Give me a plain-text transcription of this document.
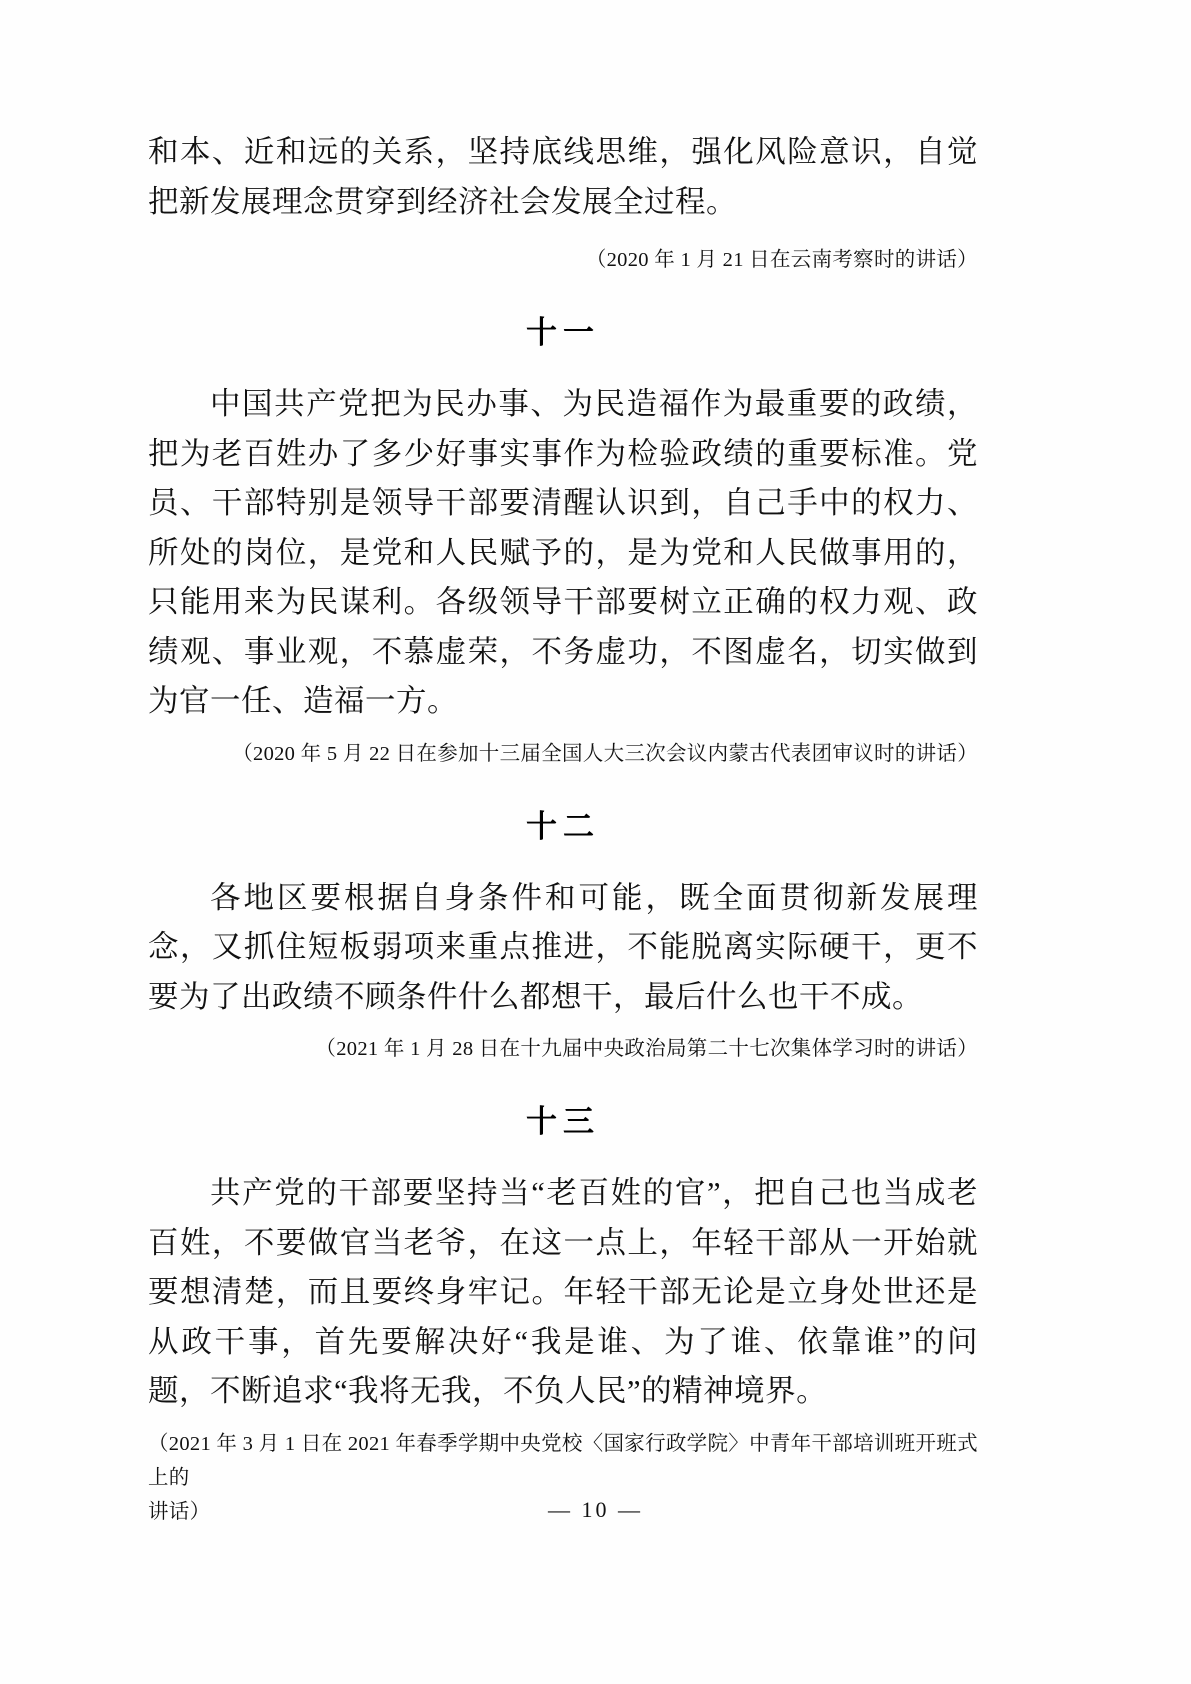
和本、近和远的关系，坚持底线思维，强化风险意识，自觉把新发展理念贯穿到经济社会发展全过程。

（2020 年 1 月 21 日在云南考察时的讲话）

十一

中国共产党把为民办事、为民造福作为最重要的政绩，把为老百姓办了多少好事实事作为检验政绩的重要标准。党员、干部特别是领导干部要清醒认识到，自己手中的权力、所处的岗位，是党和人民赋予的，是为党和人民做事用的，只能用来为民谋利。各级领导干部要树立正确的权力观、政绩观、事业观，不慕虚荣，不务虚功，不图虚名，切实做到为官一任、造福一方。

（2020 年 5 月 22 日在参加十三届全国人大三次会议内蒙古代表团审议时的讲话）

十二

各地区要根据自身条件和可能，既全面贯彻新发展理念，又抓住短板弱项来重点推进，不能脱离实际硬干，更不要为了出政绩不顾条件什么都想干，最后什么也干不成。

（2021 年 1 月 28 日在十九届中央政治局第二十七次集体学习时的讲话）

十三

共产党的干部要坚持当“老百姓的官”，把自己也当成老百姓，不要做官当老爷，在这一点上，年轻干部从一开始就要想清楚，而且要终身牢记。年轻干部无论是立身处世还是从政干事，首先要解决好“我是谁、为了谁、依靠谁”的问题，不断追求“我将无我，不负人民”的精神境界。

（2021 年 3 月 1 日在 2021 年春季学期中央党校〈国家行政学院〉中青年干部培训班开班式上的

讲话）	— 10 —
